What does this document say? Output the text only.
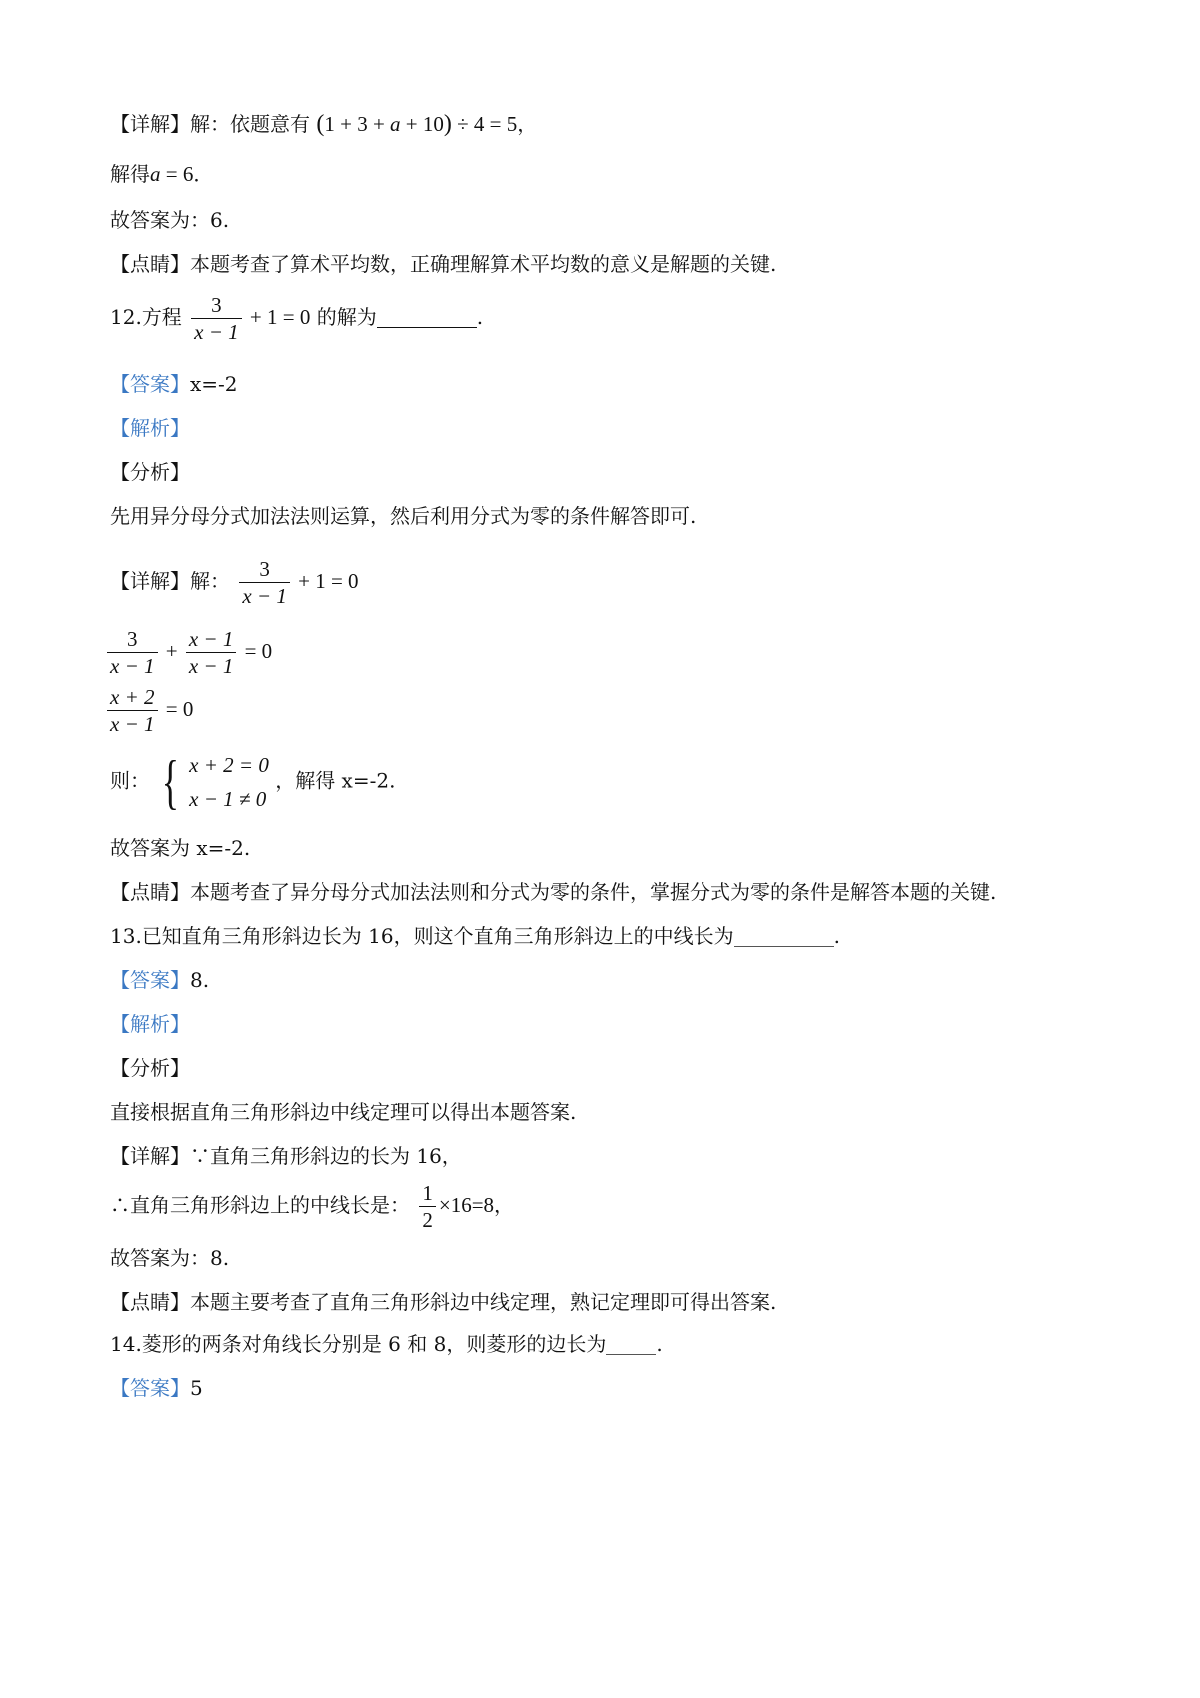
【详解】解：依题意有 (1 + 3 + a + 10) ÷ 4 = 5，
解得a = 6．
故答案为：6.
【点睛】本题考查了算术平均数，正确理解算术平均数的意义是解题的关键.
12.方程 $\frac{3}{x - 1} + 1 = 0$ 的解为	.
【答案】x=-2
【解析】
【分析】
先用异分母分式加法法则运算，然后利用分式为零的条件解答即可.
【详解】解： $\frac{3}{x - 1} + 1 = 0$
$\frac{3}{x - 1} + \frac{x - 1}{x - 1} = 0$
$\frac{x + 2}{x - 1} = 0$
则： { x + 2 = 0
x − 1 ≠ 0
，解得 x=-2.
故答案为 x=-2.
【点睛】本题考查了异分母分式加法法则和分式为零的条件，掌握分式为零的条件是解答本题的关键.
13.已知直角三角形斜边长为 16，则这个直角三角形斜边上的中线长为	.
【答案】8.
【解析】
【分析】
直接根据直角三角形斜边中线定理可以得出本题答案.
【详解】∵直角三角形斜边的长为 16，
∴直角三角形斜边上的中线长是： $\frac{1}{2} \times 16=8$，
故答案为：8.
【点睛】本题主要考查了直角三角形斜边中线定理，熟记定理即可得出答案.
14.菱形的两条对角线长分别是 6 和 8，则菱形的边长为	.
【答案】5
